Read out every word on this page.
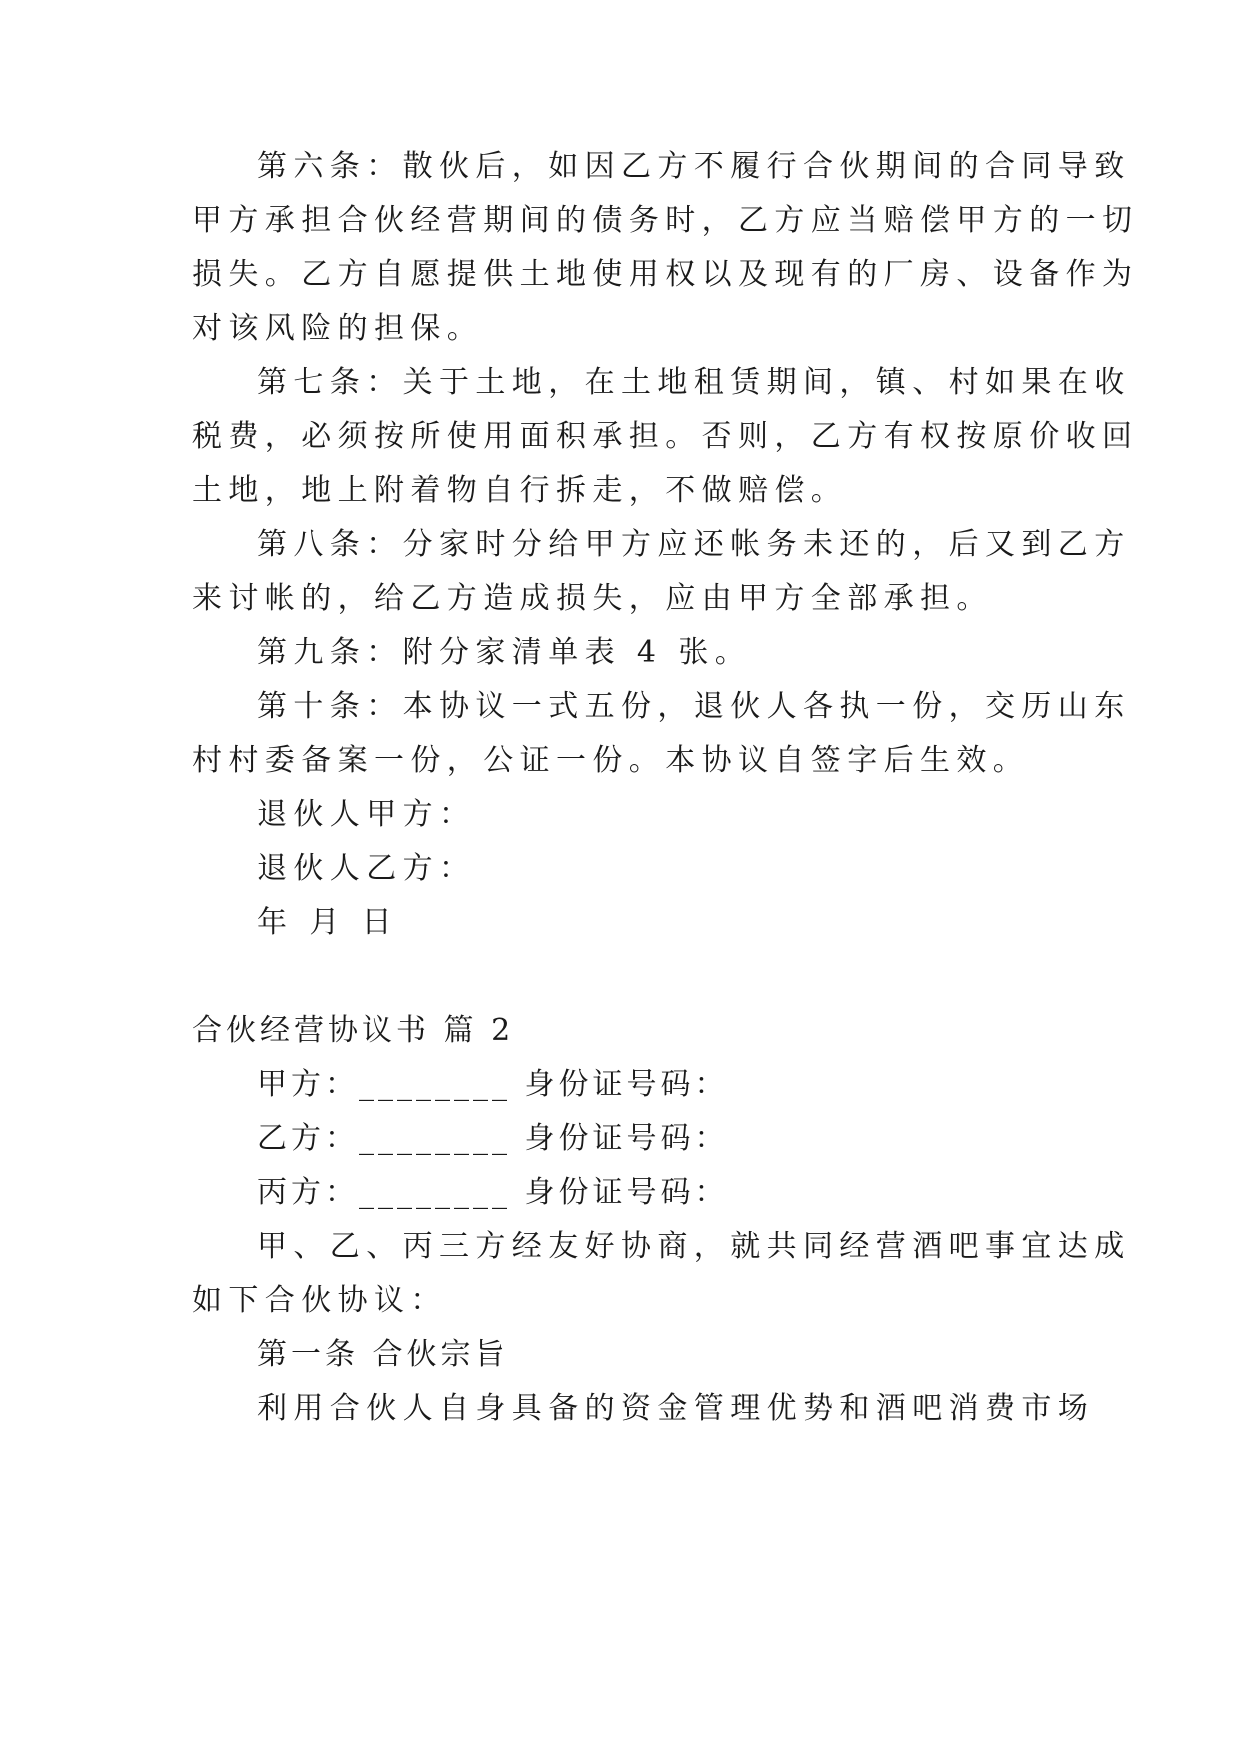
第六条：散伙后，如因乙方不履行合伙期间的合同导致
甲方承担合伙经营期间的债务时，乙方应当赔偿甲方的一切
损失。乙方自愿提供土地使用权以及现有的厂房、设备作为
对该风险的担保。
第七条：关于土地，在土地租赁期间，镇、村如果在收
税费，必须按所使用面积承担。否则，乙方有权按原价收回
土地，地上附着物自行拆走，不做赔偿。
第八条：分家时分给甲方应还帐务未还的，后又到乙方
来讨帐的，给乙方造成损失，应由甲方全部承担。
第九条：附分家清单表 4 张。
第十条：本协议一式五份，退伙人各执一份，交历山东
村村委备案一份，公证一份。本协议自签字后生效。
退伙人甲方：
退伙人乙方：
年 月 日
合伙经营协议书 篇 2
甲方：________ 身份证号码：
乙方：________ 身份证号码：
丙方：________ 身份证号码：
甲、乙、丙三方经友好协商，就共同经营酒吧事宜达成
如下合伙协议：
第一条 合伙宗旨
利用合伙人自身具备的资金管理优势和酒吧消费市场
